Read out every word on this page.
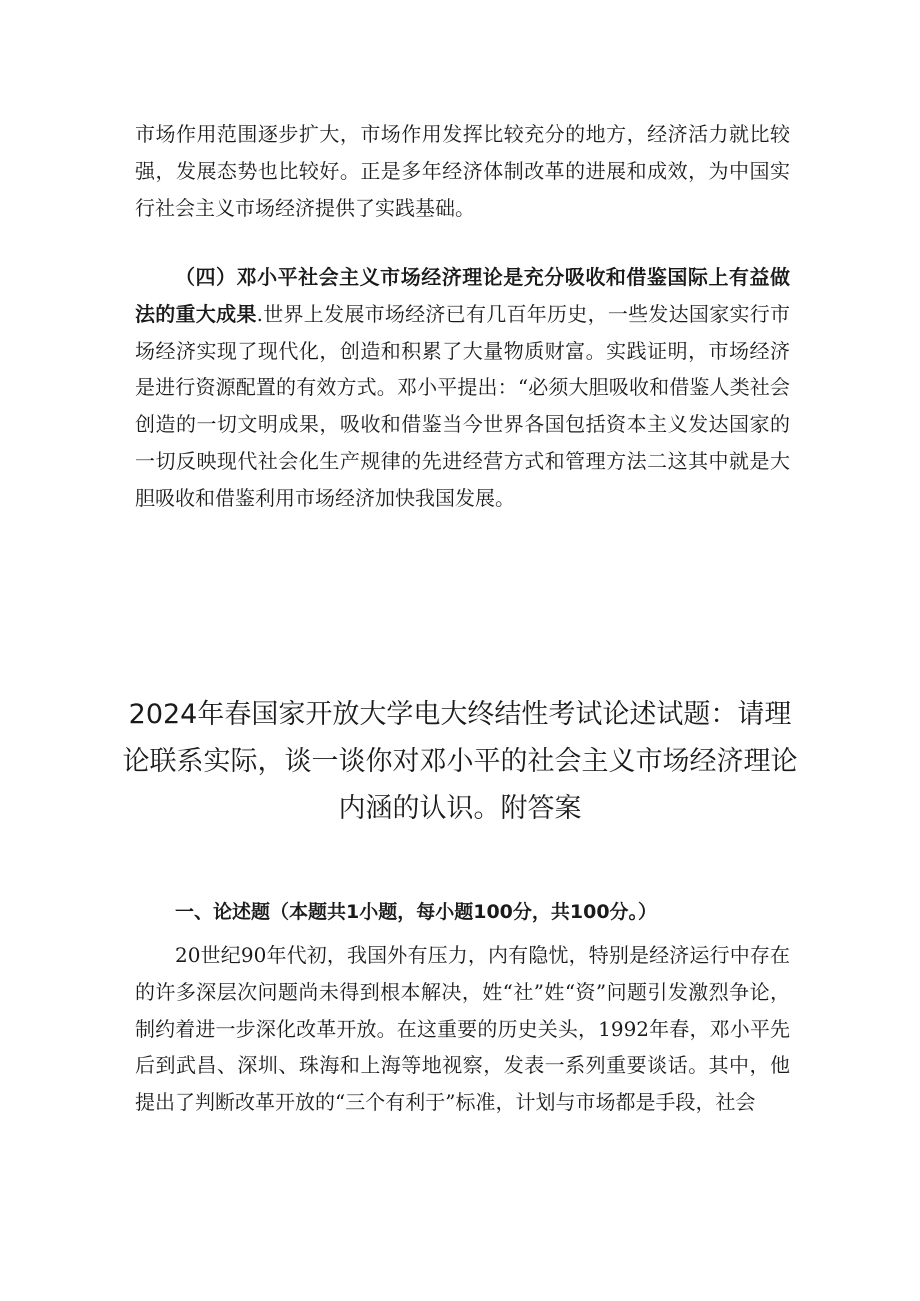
市场作用范围逐步扩大，市场作用发挥比较充分的地方，经济活力就比较强，发展态势也比较好。正是多年经济体制改革的进展和成效，为中国实行社会主义市场经济提供了实践基础。

（四）邓小平社会主义市场经济理论是充分吸收和借鉴国际上有益做法的重大成果.世界上发展市场经济已有几百年历史，一些发达国家实行市场经济实现了现代化，创造和积累了大量物质财富。实践证明，市场经济是进行资源配置的有效方式。邓小平提出：“必须大胆吸收和借鉴人类社会创造的一切文明成果，吸收和借鉴当今世界各国包括资本主义发达国家的一切反映现代社会化生产规律的先进经营方式和管理方法二这其中就是大胆吸收和借鉴利用市场经济加快我国发展。

2024年春国家开放大学电大终结性考试论述试题：请理论联系实际，谈一谈你对邓小平的社会主义市场经济理论内涵的认识。附答案
一、论述题（本题共1小题，每小题100分，共100分。）

20世纪90年代初，我国外有压力，内有隐忧，特别是经济运行中存在的许多深层次问题尚未得到根本解决，姓“社”姓“资”问题引发激烈争论，制约着进一步深化改革开放。在这重要的历史关头，1992年春，邓小平先后到武昌、深圳、珠海和上海等地视察，发表一系列重要谈话。其中，他提出了判断改革开放的“三个有利于”标准，计划与市场都是手段，社会
